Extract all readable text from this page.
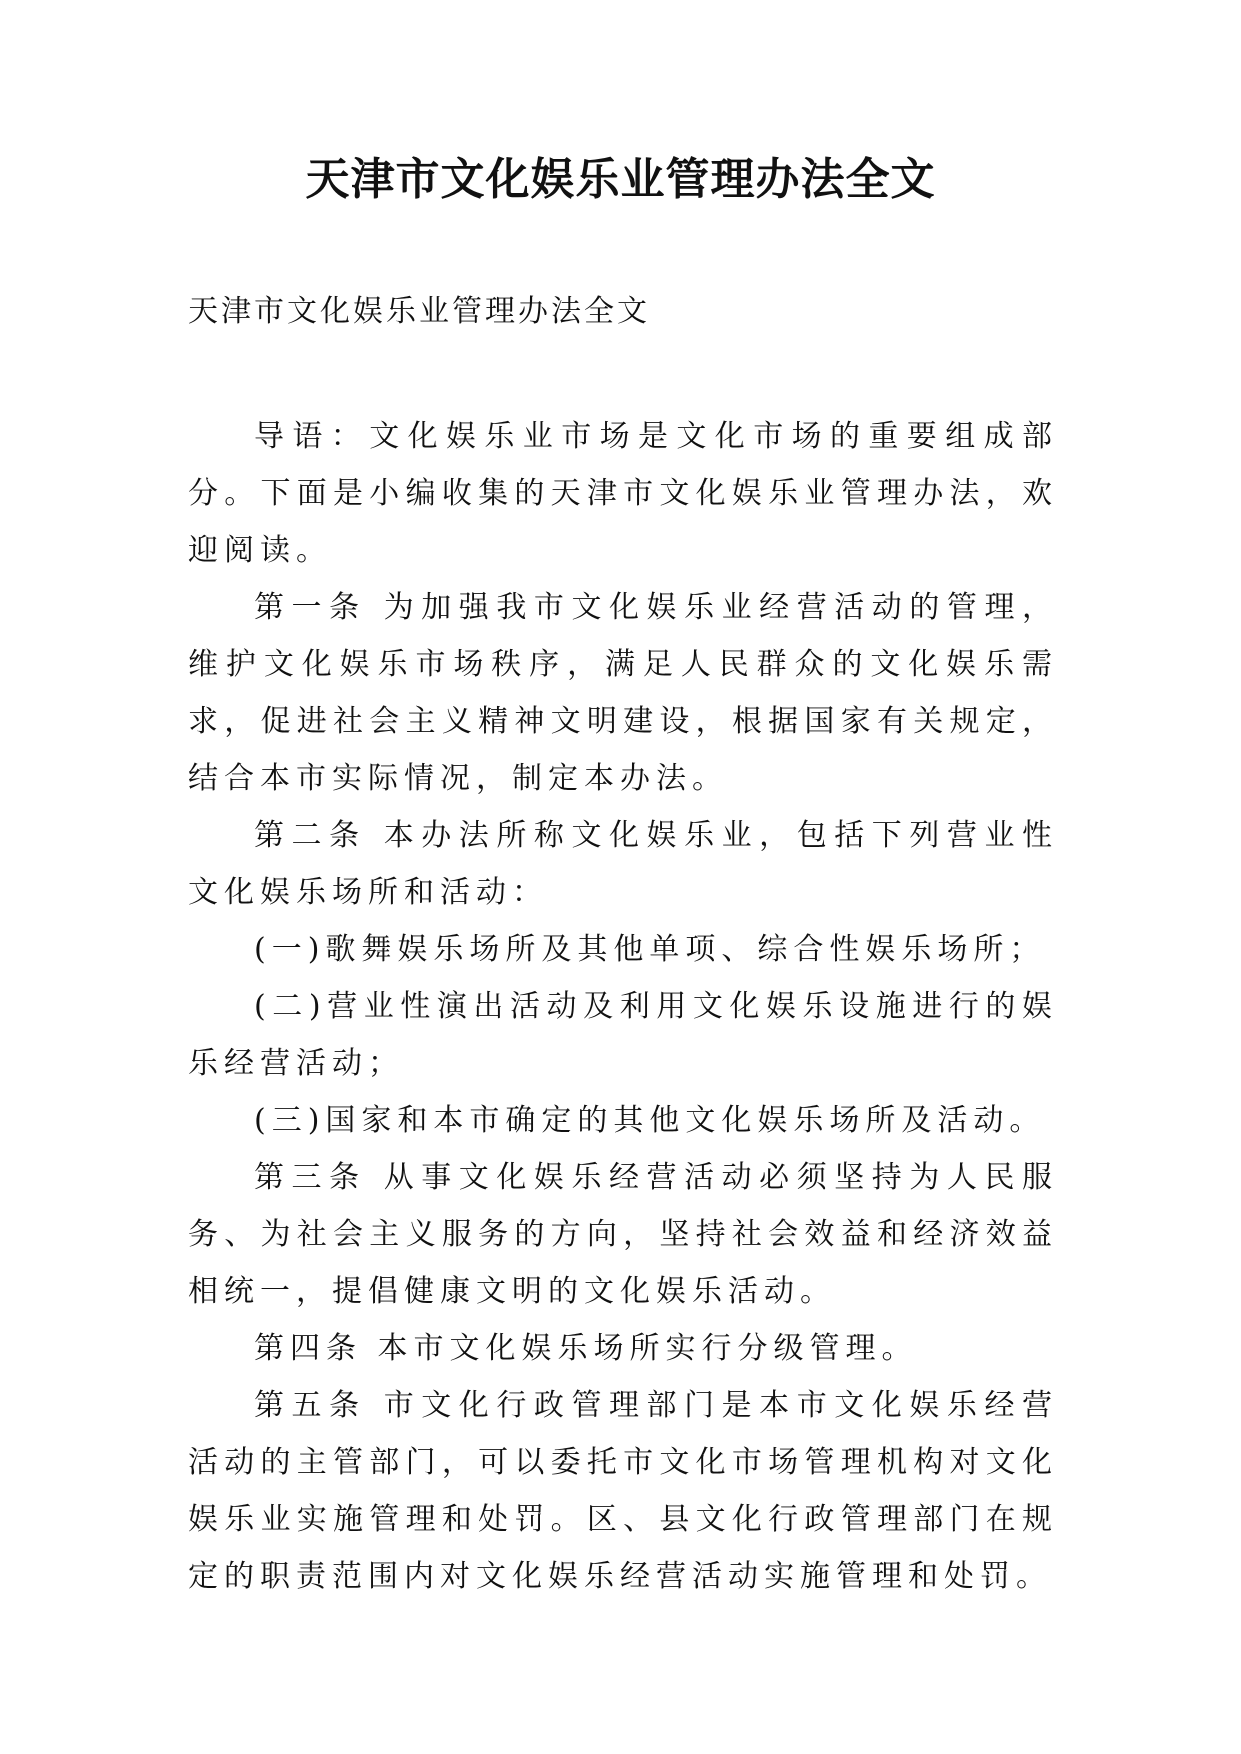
天津市文化娱乐业管理办法全文
天津市文化娱乐业管理办法全文

导语：文化娱乐业市场是文化市场的重要组成部分。下面是小编收集的天津市文化娱乐业管理办法，欢迎阅读。

第一条 为加强我市文化娱乐业经营活动的管理，维护文化娱乐市场秩序，满足人民群众的文化娱乐需求，促进社会主义精神文明建设，根据国家有关规定，结合本市实际情况，制定本办法。

第二条 本办法所称文化娱乐业，包括下列营业性文化娱乐场所和活动：

(一)歌舞娱乐场所及其他单项、综合性娱乐场所；

(二)营业性演出活动及利用文化娱乐设施进行的娱乐经营活动；

(三)国家和本市确定的其他文化娱乐场所及活动。

第三条 从事文化娱乐经营活动必须坚持为人民服务、为社会主义服务的方向，坚持社会效益和经济效益相统一，提倡健康文明的文化娱乐活动。

第四条 本市文化娱乐场所实行分级管理。

第五条 市文化行政管理部门是本市文化娱乐经营活动的主管部门，可以委托市文化市场管理机构对文化娱乐业实施管理和处罚。区、县文化行政管理部门在规定的职责范围内对文化娱乐经营活动实施管理和处罚。
